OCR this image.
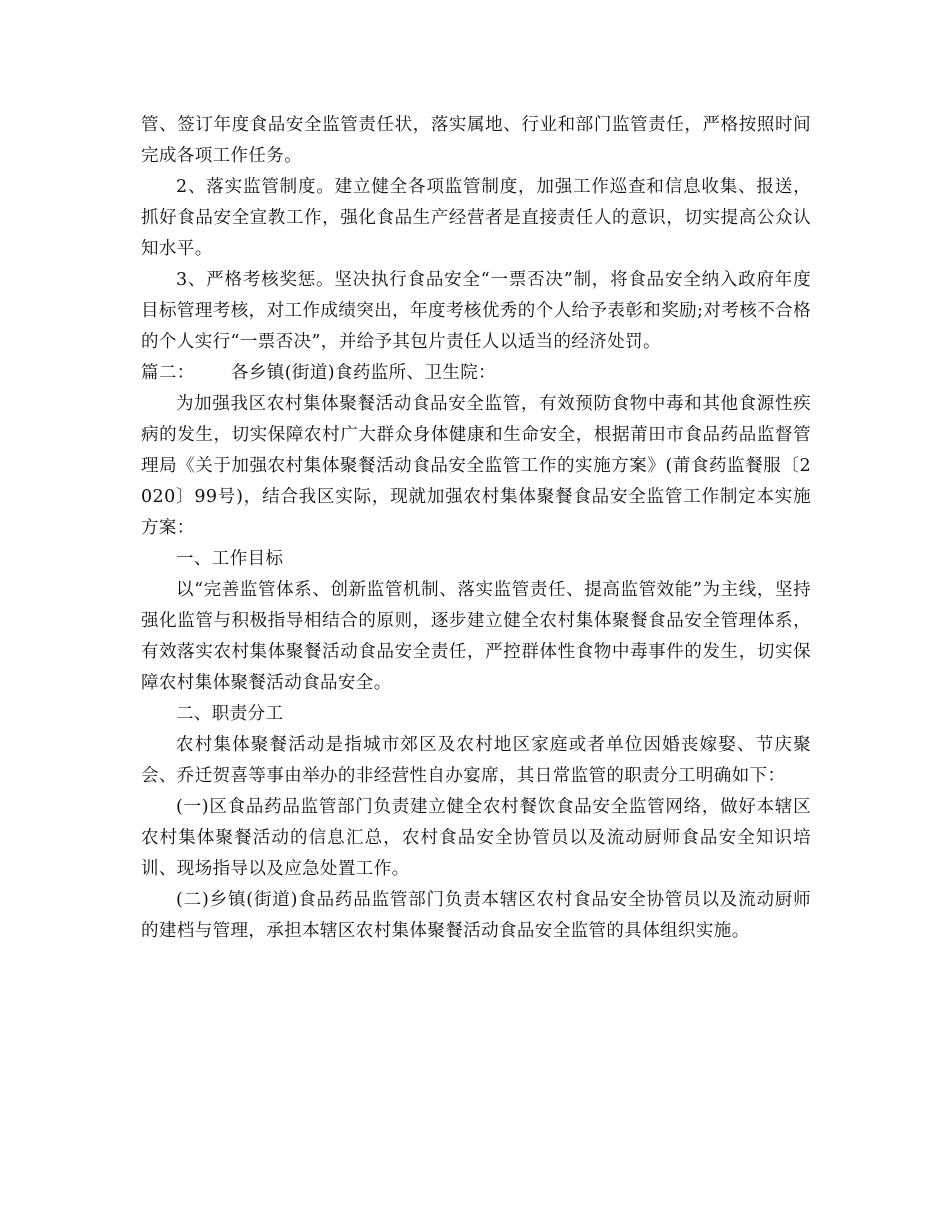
管、签订年度食品安全监管责任状，落实属地、行业和部门监管责任，严格按照时间完成各项工作任务。

2、落实监管制度。建立健全各项监管制度，加强工作巡查和信息收集、报送，抓好食品安全宣教工作，强化食品生产经营者是直接责任人的意识，切实提高公众认知水平。

3、严格考核奖惩。坚决执行食品安全“一票否决”制，将食品安全纳入政府年度目标管理考核，对工作成绩突出，年度考核优秀的个人给予表彰和奖励;对考核不合格的个人实行“一票否决”，并给予其包片责任人以适当的经济处罚。

篇二： 各乡镇(街道)食药监所、卫生院：

为加强我区农村集体聚餐活动食品安全监管，有效预防食物中毒和其他食源性疾病的发生，切实保障农村广大群众身体健康和生命安全，根据莆田市食品药品监督管理局《关于加强农村集体聚餐活动食品安全监管工作的实施方案》(莆食药监餐服〔2020〕99号)，结合我区实际，现就加强农村集体聚餐食品安全监管工作制定本实施方案：

一、工作目标

以“完善监管体系、创新监管机制、落实监管责任、提高监管效能”为主线，坚持强化监管与积极指导相结合的原则，逐步建立健全农村集体聚餐食品安全管理体系，有效落实农村集体聚餐活动食品安全责任，严控群体性食物中毒事件的发生，切实保障农村集体聚餐活动食品安全。

二、职责分工

农村集体聚餐活动是指城市郊区及农村地区家庭或者单位因婚丧嫁娶、节庆聚会、乔迁贺喜等事由举办的非经营性自办宴席，其日常监管的职责分工明确如下：

(一)区食品药品监管部门负责建立健全农村餐饮食品安全监管网络，做好本辖区农村集体聚餐活动的信息汇总，农村食品安全协管员以及流动厨师食品安全知识培训、现场指导以及应急处置工作。

(二)乡镇(街道)食品药品监管部门负责本辖区农村食品安全协管员以及流动厨师的建档与管理，承担本辖区农村集体聚餐活动食品安全监管的具体组织实施。
